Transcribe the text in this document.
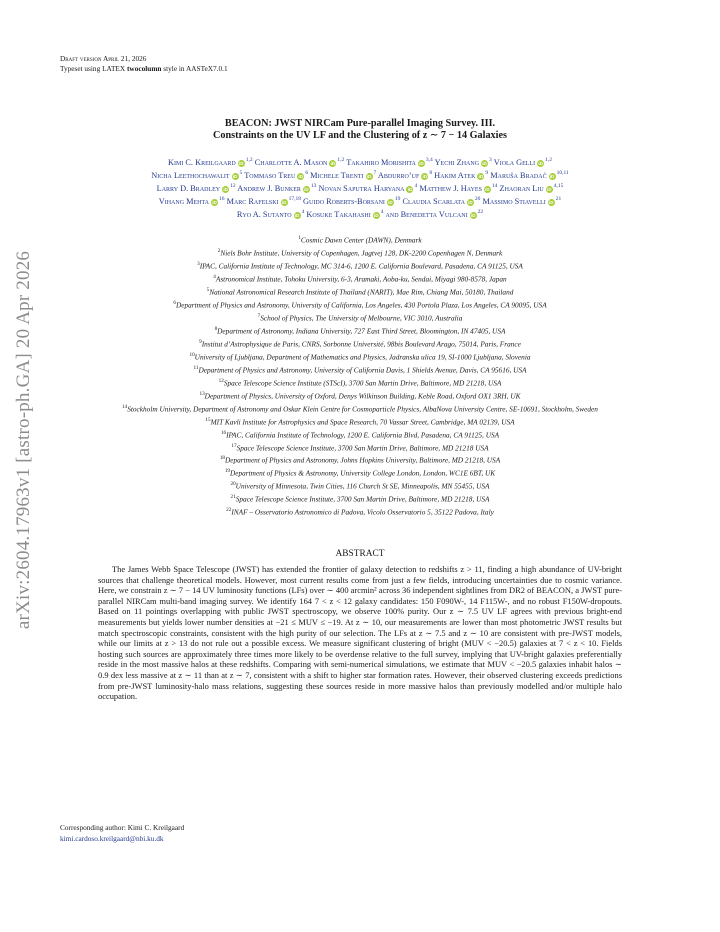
arXiv:2604.17963v1 [astro-ph.GA] 20 Apr 2026
Draft version April 21, 2026
Typeset using LATEX twocolumn style in AASTeX7.0.1
BEACON: JWST NIRCam Pure-parallel Imaging Survey. III.
Constraints on the UV LF and the Clustering of z ∼ 7 − 14 Galaxies
Kimi C. Kreilgaard iD$^{1,2}$ Charlotte A. Mason iD$^{1,2}$ Takahiro Morishita iD$^{3,4}$ Yechi Zhang $iD^3$ Viola Gelli iD$^{1,2}$
Nicha Leethochawalit $iD^5$ Tommaso Treu $iD^6$ Michele Trenti $iD^7$ Abdurro’uf $iD^8$ Hakim Atek $iD^9$ Maruša Bradač iD$^{10,11}$
Larry D. Bradley $iD^{12}$ Andrew J. Bunker $iD^{13}$ Novan Saputra Haryana $iD^4$ Matthew J. Hayes $iD^{14}$ Zhaoran Liu iD$^{4,15}$
Vihang Mehta $iD^{16}$ Marc Rafelski iD$^{17,18}$ Guido Roberts-Borsani $iD^{19}$ Claudia Scarlata $iD^{20}$ Massimo Stiavelli $iD^{21}$
Ryo A. Sutanto $iD^4$ Kosuke Takahashi $iD^4$ and Benedetta Vulcani $iD^{22}$
$^1$Cosmic Dawn Center (DAWN), Denmark
$^2$Niels Bohr Institute, University of Copenhagen, Jagtvej 128, DK-2200 Copenhagen N, Denmark
$^3$IPAC, California Institute of Technology, MC 314-6, 1200 E. California Boulevard, Pasadena, CA 91125, USA
$^4$Astronomical Institute, Tohoku University, 6-3, Aramaki, Aoba-ku, Sendai, Miyagi 980-8578, Japan
$^5$National Astronomical Research Institute of Thailand (NARIT), Mae Rim, Chiang Mai, 50180, Thailand
$^6$Department of Physics and Astronomy, University of California, Los Angeles, 430 Portola Plaza, Los Angeles, CA 90095, USA
$^7$School of Physics, The University of Melbourne, VIC 3010, Australia
$^8$Department of Astronomy, Indiana University, 727 East Third Street, Bloomington, IN 47405, USA
$^9$Institut d’Astrophysique de Paris, CNRS, Sorbonne Université, 98bis Boulevard Arago, 75014, Paris, France
$^{10}$University of Ljubljana, Department of Mathematics and Physics, Jadranska ulica 19, SI-1000 Ljubljana, Slovenia
$^{11}$Department of Physics and Astronomy, University of California Davis, 1 Shields Avenue, Davis, CA 95616, USA
$^{12}$Space Telescope Science Institute (STScI), 3700 San Martin Drive, Baltimore, MD 21218, USA
$^{13}$Department of Physics, University of Oxford, Denys Wilkinson Building, Keble Road, Oxford OX1 3RH, UK
$^{14}$Stockholm University, Department of Astronomy and Oskar Klein Centre for Cosmoparticle Physics, AlbaNova University Centre, SE-10691, Stockholm, Sweden
$^{15}$MIT Kavli Institute for Astrophysics and Space Research, 70 Vassar Street, Cambridge, MA 02139, USA
$^{16}$IPAC, California Institute of Technology, 1200 E. California Blvd, Pasadena, CA 91125, USA
$^{17}$Space Telescope Science Institute, 3700 San Martin Drive, Baltimore, MD 21218 USA
$^{18}$Department of Physics and Astronomy, Johns Hopkins University, Baltimore, MD 21218, USA
$^{19}$Department of Physics & Astronomy, University College London, London, WC1E 6BT, UK
$^{20}$University of Minnesota, Twin Cities, 116 Church St SE, Minneapolis, MN 55455, USA
$^{21}$Space Telescope Science Institute, 3700 San Martin Drive, Baltimore, MD 21218, USA
$^{22}$INAF – Osservatorio Astronomico di Padova, Vicolo Osservatorio 5, 35122 Padova, Italy
ABSTRACT
The James Webb Space Telescope (JWST) has extended the frontier of galaxy detection to redshifts z > 11, finding a high abundance of UV-bright sources that challenge theoretical models. However, most current results come from just a few fields, introducing uncertainties due to cosmic variance. Here, we constrain z ∼ 7 − 14 UV luminosity functions (LFs) over ∼ 400 arcmin² across 36 independent sightlines from DR2 of BEACON, a JWST pure-parallel NIRCam multi-band imaging survey. We identify 164 7 < z < 12 galaxy candidates: 150 F090W-, 14 F115W-, and no robust F150W-dropouts. Based on 11 pointings overlapping with public JWST spectroscopy, we observe 100% purity. Our z ∼ 7.5 UV LF agrees with previous bright-end measurements but yields lower number densities at −21 ≤ MUV ≤ −19. At z ∼ 10, our measurements are lower than most photometric JWST results but match spectroscopic constraints, consistent with the high purity of our selection. The LFs at z ∼ 7.5 and z ∼ 10 are consistent with pre-JWST models, while our limits at z > 13 do not rule out a possible excess. We measure significant clustering of bright (MUV < −20.5) galaxies at 7 < z < 10. Fields hosting such sources are approximately three times more likely to be overdense relative to the full survey, implying that UV-bright galaxies preferentially reside in the most massive halos at these redshifts. Comparing with semi-numerical simulations, we estimate that MUV < −20.5 galaxies inhabit halos ∼ 0.9 dex less massive at z ∼ 11 than at z ∼ 7, consistent with a shift to higher star formation rates. However, their observed clustering exceeds predictions from pre-JWST luminosity-halo mass relations, suggesting these sources reside in more massive halos than previously modelled and/or multiple halo occupation.
Corresponding author: Kimi C. Kreilgaard
kimi.cardoso.kreilgaard@nbi.ku.dk
